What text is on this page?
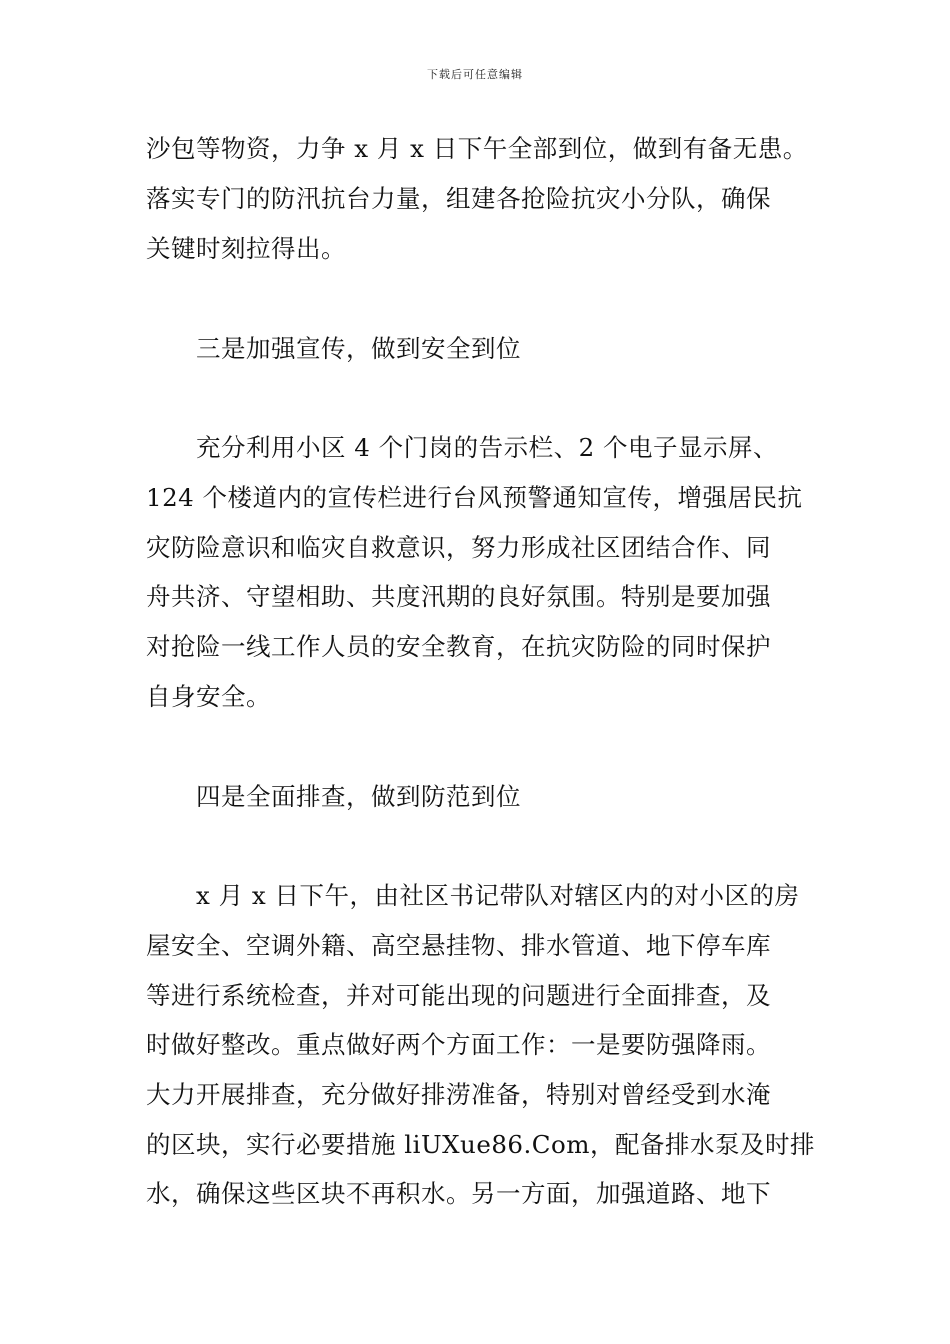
下载后可任意编辑
沙包等物资，力争 x 月 x 日下午全部到位，做到有备无患。
落实专门的防汛抗台力量，组建各抢险抗灾小分队，确保
关键时刻拉得出。
三是加强宣传，做到安全到位
充分利用小区 4 个门岗的告示栏、2 个电子显示屏、
124 个楼道内的宣传栏进行台风预警通知宣传，增强居民抗
灾防险意识和临灾自救意识，努力形成社区团结合作、同
舟共济、守望相助、共度汛期的良好氛围。特别是要加强
对抢险一线工作人员的安全教育，在抗灾防险的同时保护
自身安全。
四是全面排查，做到防范到位
x 月 x 日下午，由社区书记带队对辖区内的对小区的房
屋安全、空调外籍、高空悬挂物、排水管道、地下停车库
等进行系统检查，并对可能出现的问题进行全面排查，及
时做好整改。重点做好两个方面工作：一是要防强降雨。
大力开展排查，充分做好排涝准备，特别对曾经受到水淹
的区块，实行必要措施 liUXue86.Com，配备排水泵及时排
水，确保这些区块不再积水。另一方面，加强道路、地下
